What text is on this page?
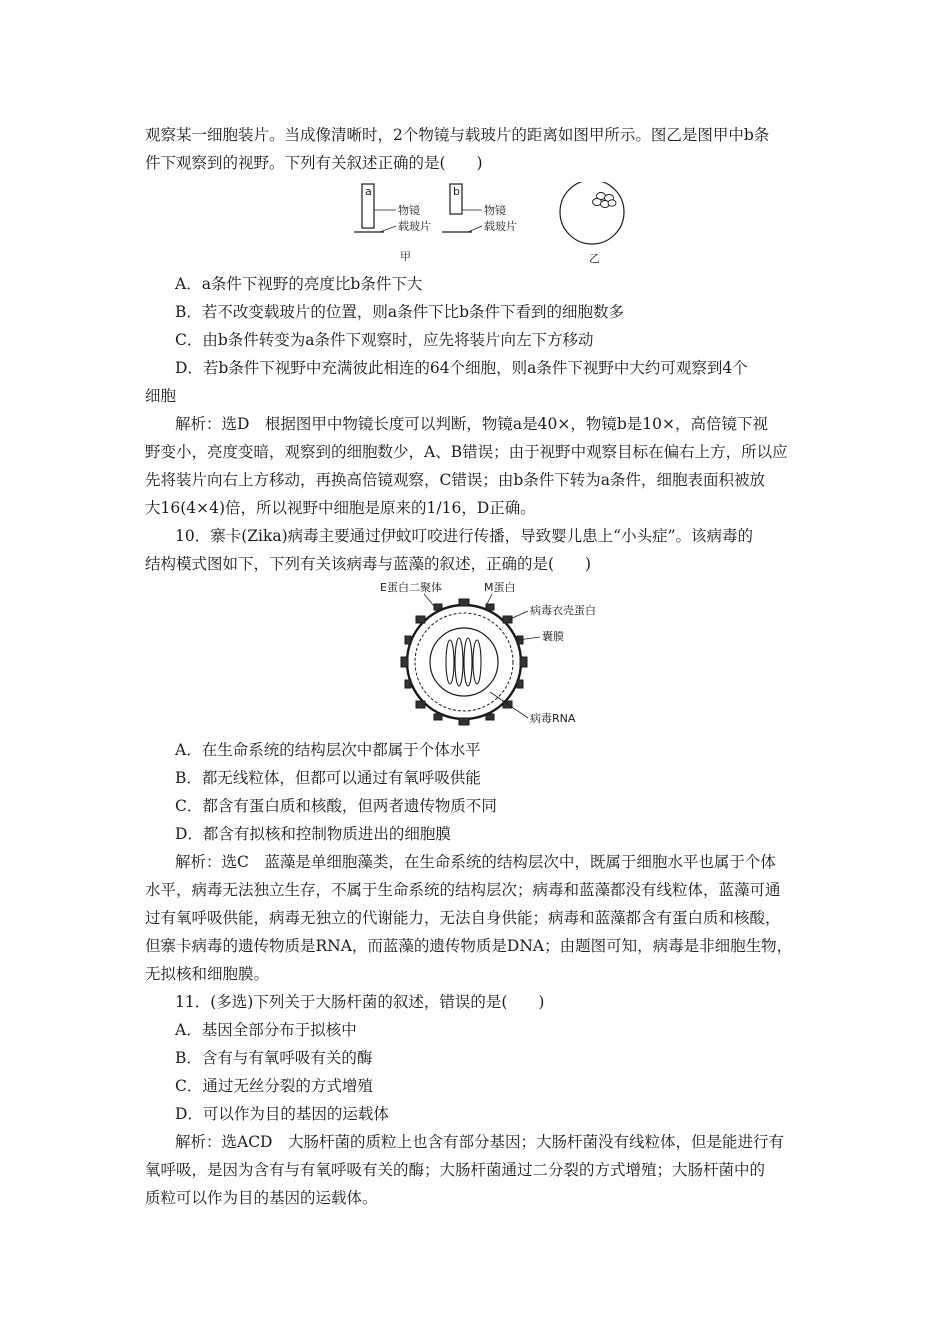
观察某一细胞装片。当成像清晰时，2个物镜与载玻片的距离如图甲所示。图乙是图甲中b条
件下观察到的视野。下列有关叙述正确的是(　　)
a
物镜
载玻片
甲
b
物镜
载玻片
乙
A．a条件下视野的亮度比b条件下大
B．若不改变载玻片的位置，则a条件下比b条件下看到的细胞数多
C．由b条件转变为a条件下观察时，应先将装片向左下方移动
D．若b条件下视野中充满彼此相连的64个细胞，则a条件下视野中大约可观察到4个
细胞
解析：选D　根据图甲中物镜长度可以判断，物镜a是40×，物镜b是10×，高倍镜下视
野变小，亮度变暗，观察到的细胞数少，A、B错误；由于视野中观察目标在偏右上方，所以应
先将装片向右上方移动，再换高倍镜观察，C错误；由b条件下转为a条件，细胞表面积被放
大16(4×4)倍，所以视野中细胞是原来的1/16，D正确。
10．寨卡(Zika)病毒主要通过伊蚊叮咬进行传播，导致婴儿患上“小头症”。该病毒的
结构模式图如下，下列有关该病毒与蓝藻的叙述，正确的是(　　)
E蛋白二聚体	M蛋白
病毒衣壳蛋白
囊膜
病毒RNA
A．在生命系统的结构层次中都属于个体水平
B．都无线粒体，但都可以通过有氧呼吸供能
C．都含有蛋白质和核酸，但两者遗传物质不同
D．都含有拟核和控制物质进出的细胞膜
解析：选C　蓝藻是单细胞藻类，在生命系统的结构层次中，既属于细胞水平也属于个体
水平，病毒无法独立生存，不属于生命系统的结构层次；病毒和蓝藻都没有线粒体，蓝藻可通
过有氧呼吸供能，病毒无独立的代谢能力，无法自身供能；病毒和蓝藻都含有蛋白质和核酸，
但寨卡病毒的遗传物质是RNA，而蓝藻的遗传物质是DNA；由题图可知，病毒是非细胞生物，
无拟核和细胞膜。
11．(多选)下列关于大肠杆菌的叙述，错误的是(　　)
A．基因全部分布于拟核中
B．含有与有氧呼吸有关的酶
C．通过无丝分裂的方式增殖
D．可以作为目的基因的运载体
解析：选ACD　大肠杆菌的质粒上也含有部分基因；大肠杆菌没有线粒体，但是能进行有
氧呼吸，是因为含有与有氧呼吸有关的酶；大肠杆菌通过二分裂的方式增殖；大肠杆菌中的
质粒可以作为目的基因的运载体。
